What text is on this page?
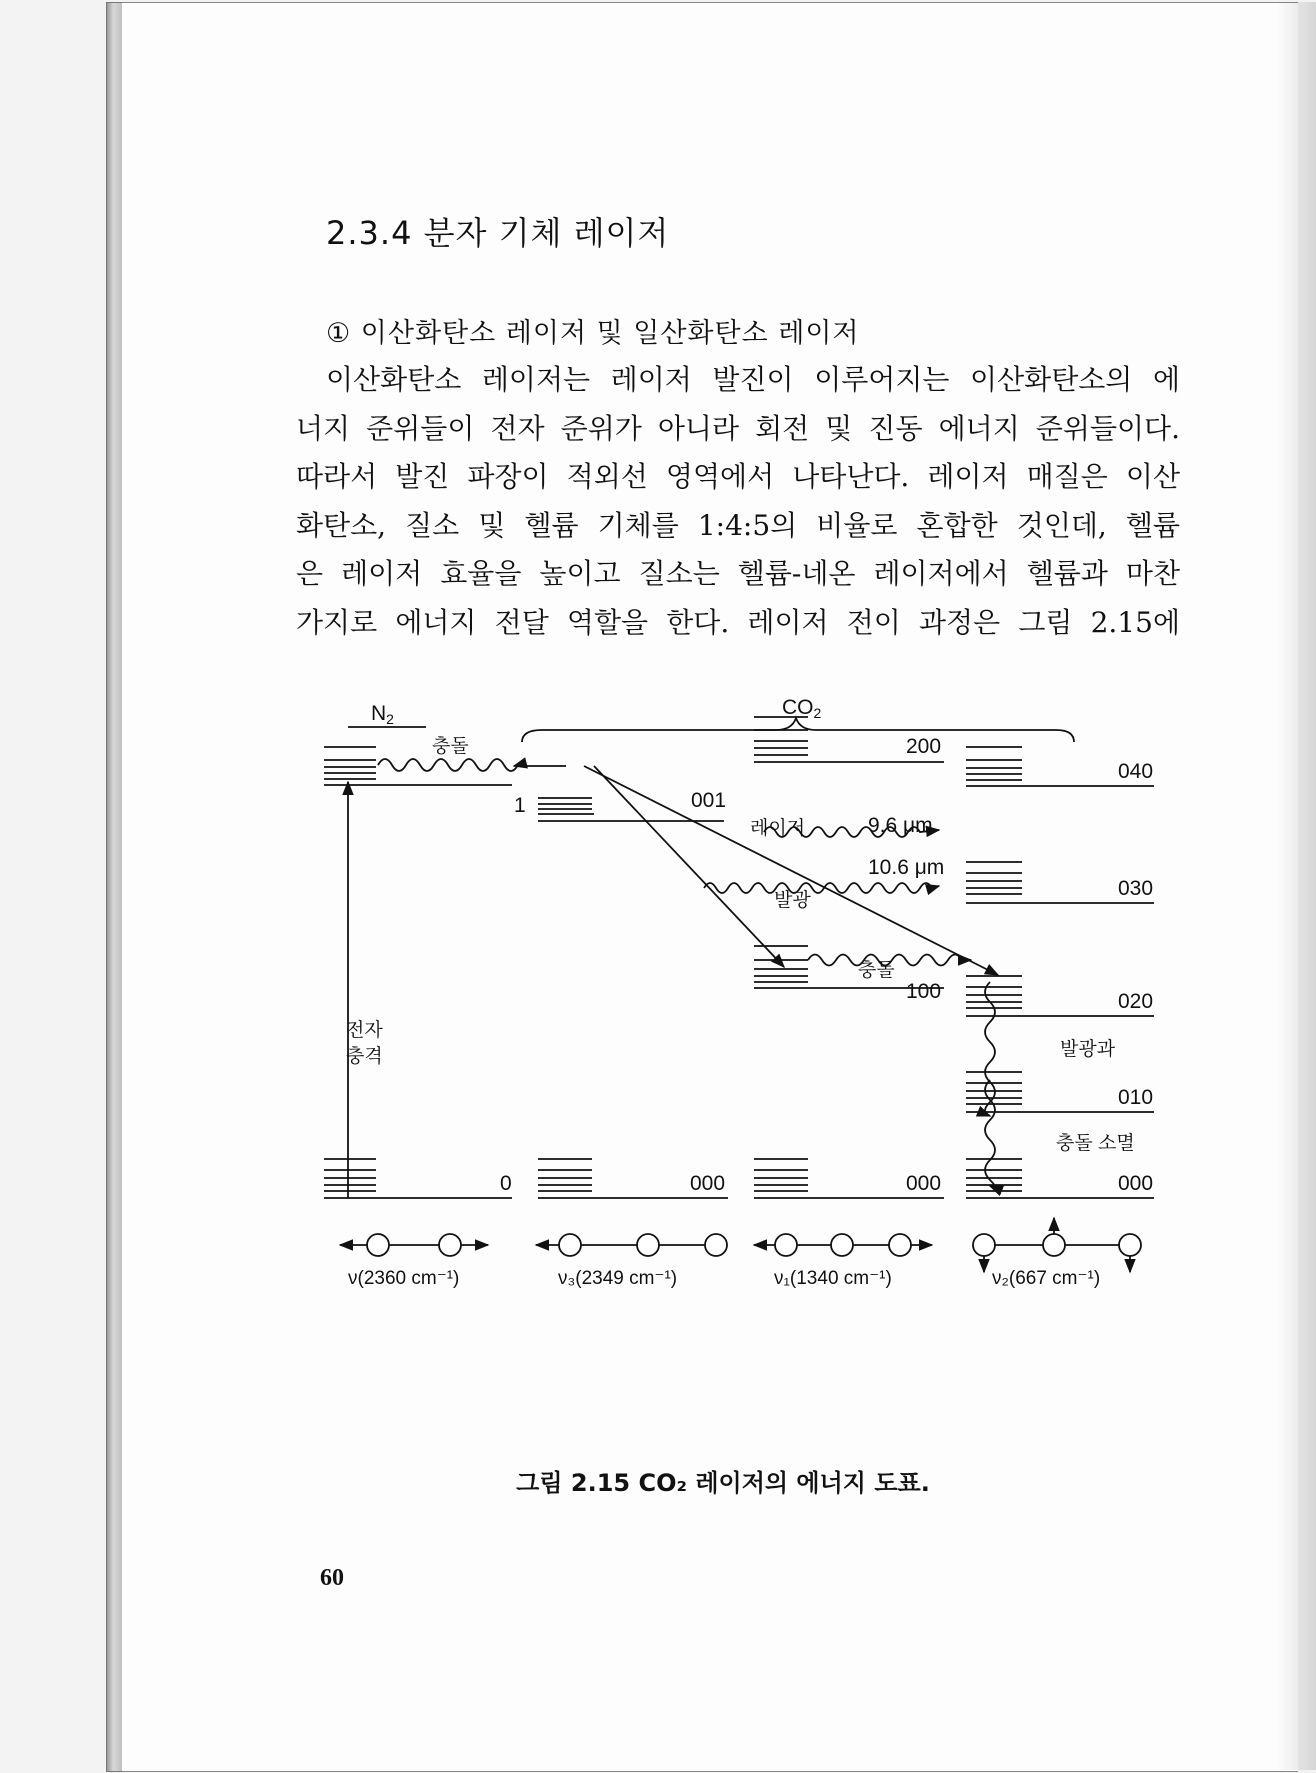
2.3.4 분자 기체 레이저
① 이산화탄소 레이저 및 일산화탄소 레이저
이산화탄소 레이저는 레이저 발진이 이루어지는 이산화탄소의 에
너지 준위들이 전자 준위가 아니라 회전 및 진동 에너지 준위들이다.
따라서 발진 파장이 적외선 영역에서 나타난다. 레이저 매질은 이산
화탄소, 질소 및 헬륨 기체를 1:4:5의 비율로 혼합한 것인데, 헬륨
은 레이저 효율을 높이고 질소는 헬륨-네온 레이저에서 헬륨과 마찬
가지로 에너지 전달 역할을 한다. 레이저 전이 과정은 그림 2.15에
N2	CO2
충돌
1
0
001
200
040
레이저	9.6 μm
10.6 μm
030
발광
충돌
100	020
전자
충격	발광과
010
충돌 소멸
000	000	000
ν(2360 cm⁻¹)	ν₃(2349 cm⁻¹)	ν₁(1340 cm⁻¹)	ν₂(667 cm⁻¹)
그림 2.15 CO₂ 레이저의 에너지 도표.
60
